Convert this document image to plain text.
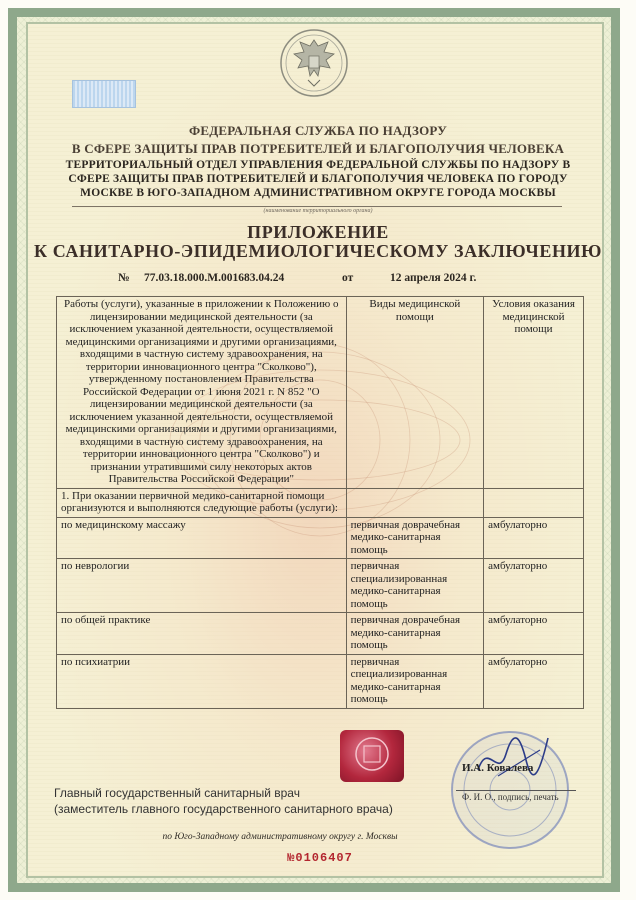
ФЕДЕРАЛЬНАЯ СЛУЖБА ПО НАДЗОРУ
В СФЕРЕ ЗАЩИТЫ ПРАВ ПОТРЕБИТЕЛЕЙ И БЛАГОПОЛУЧИЯ ЧЕЛОВЕКА
ТЕРРИТОРИАЛЬНЫЙ ОТДЕЛ УПРАВЛЕНИЯ ФЕДЕРАЛЬНОЙ СЛУЖБЫ ПО НАДЗОРУ В
СФЕРЕ ЗАЩИТЫ ПРАВ ПОТРЕБИТЕЛЕЙ И БЛАГОПОЛУЧИЯ ЧЕЛОВЕКА ПО ГОРОДУ
МОСКВЕ В ЮГО-ЗАПАДНОМ АДМИНИСТРАТИВНОМ ОКРУГЕ ГОРОДА МОСКВЫ
(наименование территориального органа)
ПРИЛОЖЕНИЕ
К САНИТАРНО-ЭПИДЕМИОЛОГИЧЕСКОМУ ЗАКЛЮЧЕНИЮ
№ 77.03.18.000.М.001683.04.24	от	12 апреля 2024 г.
Работы (услуги), указанные в приложении к Положению о лицензировании медицинской деятельности (за исключением указанной деятельности, осуществляемой медицинскими организациями и другими организациями, входящими в частную систему здравоохранения, на территории инновационного центра "Сколково"), утвержденному постановлением Правительства Российской Федерации от 1 июня 2021 г. N 852 "О лицензировании медицинской деятельности (за исключением указанной деятельности, осуществляемой медицинскими организациями и другими организациями, входящими в частную систему здравоохранения, на территории инновационного центра "Сколково") и признании утратившими силу некоторых актов Правительства Российской Федерации"	Виды медицинской помощи	Условия оказания медицинской помощи
1. При оказании первичной медико-санитарной помощи организуются и выполняются следующие работы (услуги):		
по медицинскому массажу	первичная доврачебная медико-санитарная помощь	амбулаторно
по неврологии	первичная специализированная медико-санитарная помощь	амбулаторно
по общей практике	первичная доврачебная медико-санитарная помощь	амбулаторно
по психиатрии	первичная специализированная медико-санитарная помощь	амбулаторно
И.А. Ковалева
Ф. И. О., подпись, печать
Главный государственный санитарный врач
(заместитель главного государственного санитарного врача)
по Юго-Западному административному округу г. Москвы
№0106407
